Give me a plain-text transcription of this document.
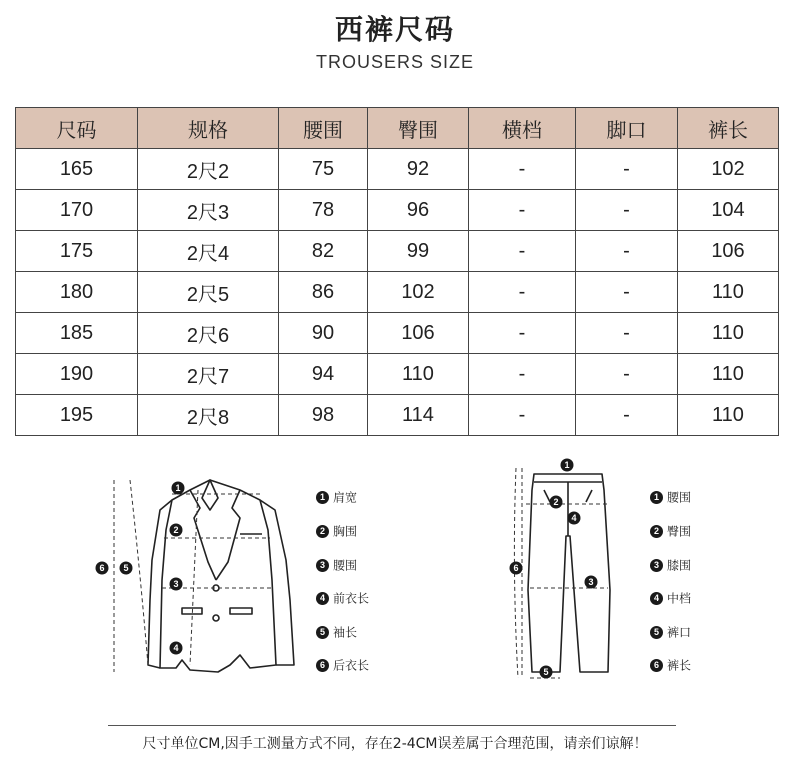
西裤尺码
TROUSERS SIZE
尺码	规格	腰围	臀围	横档	脚口	裤长
165	2尺2	75	92	-	-	102
170	2尺3	78	96	-	-	104
175	2尺4	82	99	-	-	106
180	2尺5	86	102	-	-	110
185	2尺6	90	106	-	-	110
190	2尺7	94	110	-	-	110
195	2尺8	98	114	-	-	110
1
2
3
4
5
6
1 肩宽
2 胸围
3 腰围
4 前衣长
5 袖长
6 后衣长
1
2
3
4
5
6
1 腰围
2 臀围
3 膝围
4 中档
5 裤口
6 裤长
尺寸单位CM,因手工测量方式不同，存在2-4CM误差属于合理范围，请亲们谅解！
